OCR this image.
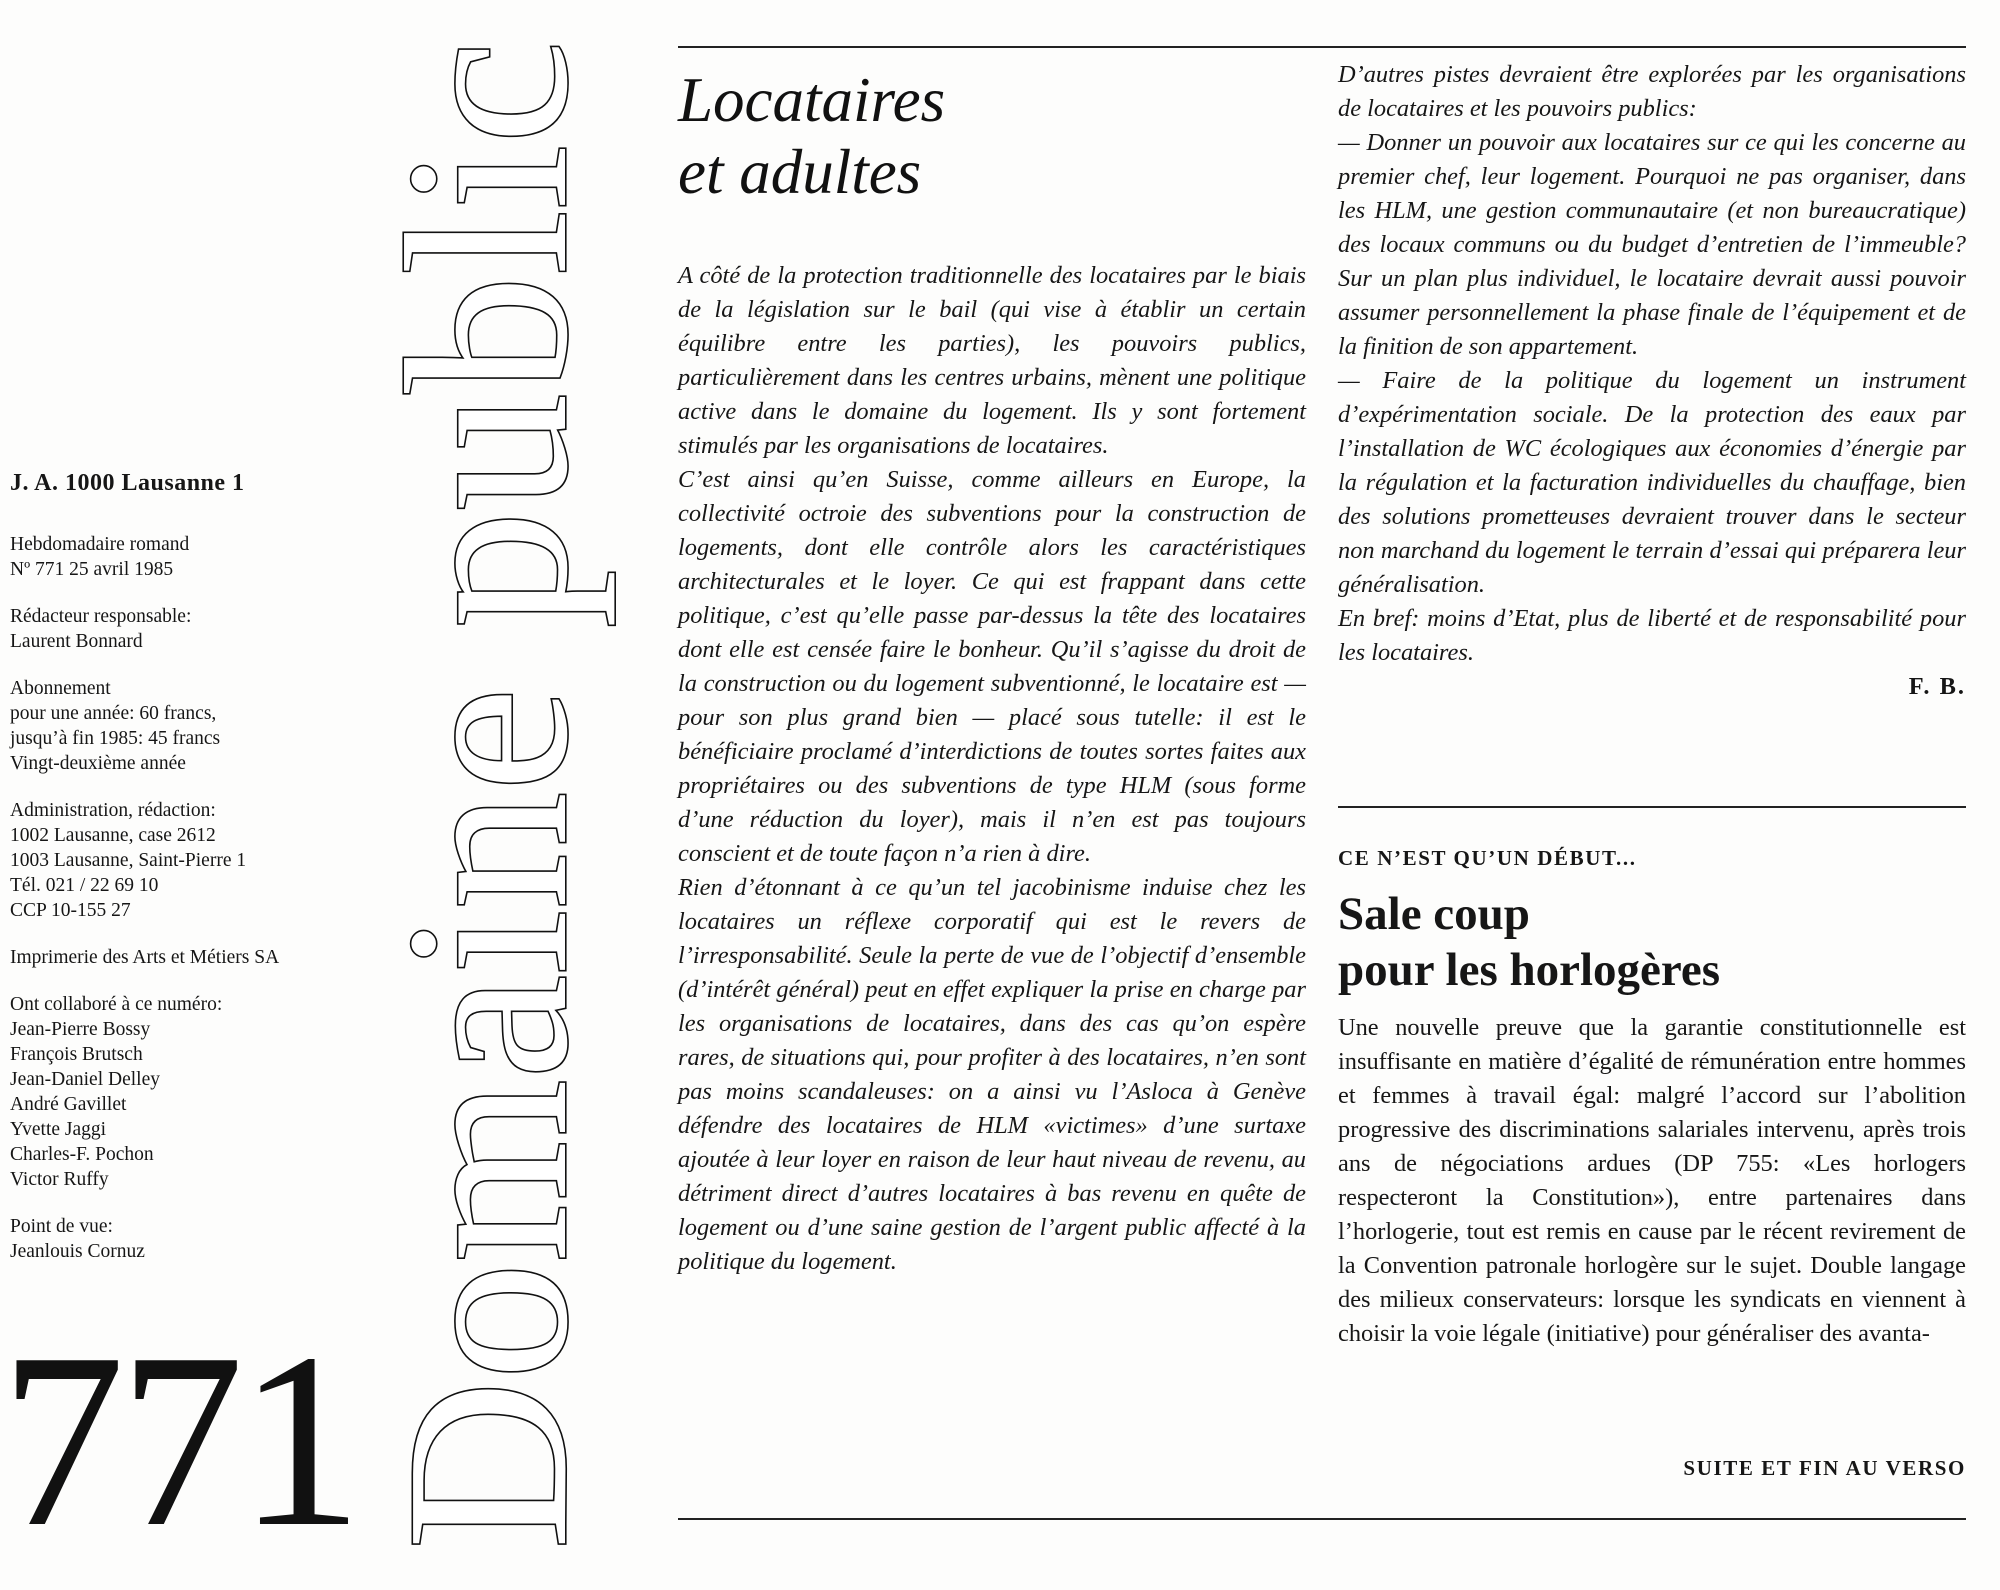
Domaine public
J. A. 1000 Lausanne 1
Hebdomadaire romand
Nº 771 25 avril 1985
Rédacteur responsable:
Laurent Bonnard
Abonnement
pour une année: 60 francs,
jusqu’à fin 1985: 45 francs
Vingt-deuxième année
Administration, rédaction:
1002 Lausanne, case 2612
1003 Lausanne, Saint-Pierre 1
Tél. 021 / 22 69 10
CCP 10-155 27
Imprimerie des Arts et Métiers SA
Ont collaboré à ce numéro:
Jean-Pierre Bossy
François Brutsch
Jean-Daniel Delley
André Gavillet
Yvette Jaggi
Charles-F. Pochon
Victor Ruffy
Point de vue:
Jeanlouis Cornuz
771
Locataires
et adultes

A côté de la protection traditionnelle des locataires par le biais de la législation sur le bail (qui vise à établir un certain équilibre entre les parties), les pouvoirs publics, particulièrement dans les centres urbains, mènent une politique active dans le domaine du logement. Ils y sont fortement stimulés par les organisations de locataires.

C’est ainsi qu’en Suisse, comme ailleurs en Europe, la collectivité octroie des subventions pour la construction de logements, dont elle contrôle alors les caractéristiques architecturales et le loyer. Ce qui est frappant dans cette politique, c’est qu’elle passe par-dessus la tête des locataires dont elle est censée faire le bonheur. Qu’il s’agisse du droit de la construction ou du logement subventionné, le locataire est — pour son plus grand bien — placé sous tutelle: il est le bénéficiaire proclamé d’interdictions de toutes sortes faites aux propriétaires ou des subventions de type HLM (sous forme d’une réduction du loyer), mais il n’en est pas toujours conscient et de toute façon n’a rien à dire.

Rien d’étonnant à ce qu’un tel jacobinisme induise chez les locataires un réflexe corporatif qui est le revers de l’irresponsabilité. Seule la perte de vue de l’objectif d’ensemble (d’intérêt général) peut en effet expliquer la prise en charge par les organisations de locataires, dans des cas qu’on espère rares, de situations qui, pour profiter à des locataires, n’en sont pas moins scandaleuses: on a ainsi vu l’Asloca à Genève défendre des locataires de HLM «victimes» d’une surtaxe ajoutée à leur loyer en raison de leur haut niveau de revenu, au détriment direct d’autres locataires à bas revenu en quête de logement ou d’une saine gestion de l’argent public affecté à la politique du logement.

D’autres pistes devraient être explorées par les organisations de locataires et les pouvoirs publics:

— Donner un pouvoir aux locataires sur ce qui les concerne au premier chef, leur logement. Pourquoi ne pas organiser, dans les HLM, une gestion communautaire (et non bureaucratique) des locaux communs ou du budget d’entretien de l’immeuble? Sur un plan plus individuel, le locataire devrait aussi pouvoir assumer personnellement la phase finale de l’équipement et de la finition de son appartement.

— Faire de la politique du logement un instrument d’expérimentation sociale. De la protection des eaux par l’installation de WC écologiques aux économies d’énergie par la régulation et la facturation individuelles du chauffage, bien des solutions prometteuses devraient trouver dans le secteur non marchand du logement le terrain d’essai qui préparera leur généralisation.

En bref: moins d’Etat, plus de liberté et de responsabilité pour les locataires.

F. B.
CE N’EST QU’UN DÉBUT...
Sale coup
pour les horlogères

Une nouvelle preuve que la garantie constitutionnelle est insuffisante en matière d’égalité de rémunération entre hommes et femmes à travail égal: malgré l’accord sur l’abolition progressive des discriminations salariales intervenu, après trois ans de négociations ardues (DP 755: «Les horlogers respecteront la Constitution»), entre partenaires dans l’horlogerie, tout est remis en cause par le récent revirement de la Convention patronale horlogère sur le sujet. Double langage des milieux conservateurs: lorsque les syndicats en viennent à choisir la voie légale (initiative) pour généraliser des avanta-

SUITE ET FIN AU VERSO
